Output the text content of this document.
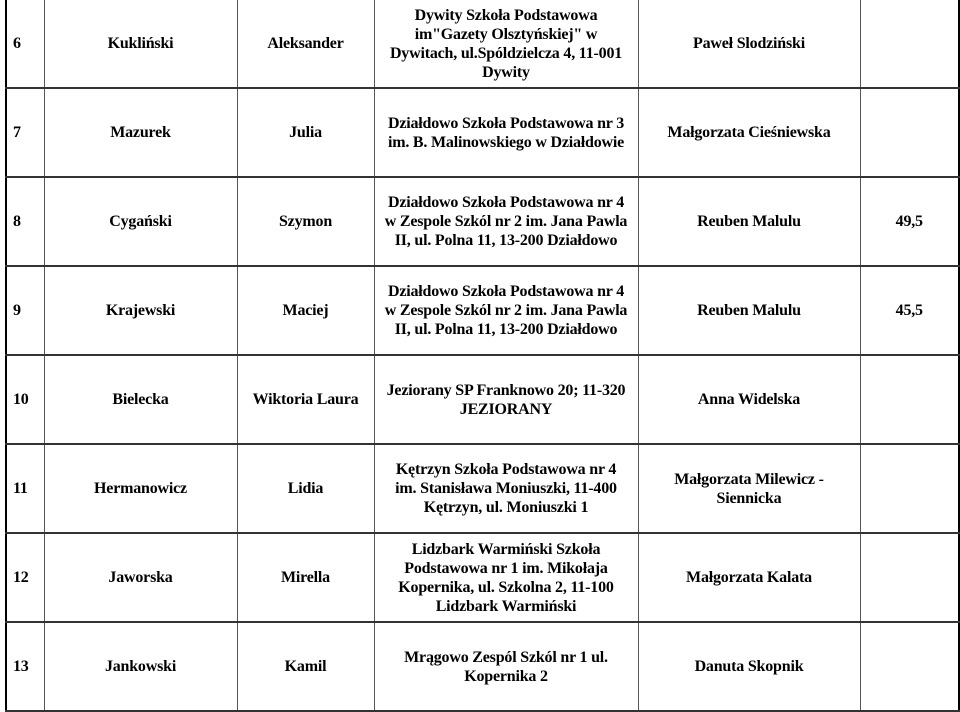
6	Kukliński	Aleksander	Dywity Szkoła Podstawowa im"Gazety Olsztyńskiej" w Dywitach, ul.Spóldzielcza 4, 11-001 Dywity	Paweł Slodziński	
7	Mazurek	Julia	Działdowo Szkoła Podstawowa nr 3 im. B. Malinowskiego w Działdowie	Małgorzata Cieśniewska	
8	Cygański	Szymon	Działdowo Szkoła Podstawowa nr 4 w Zespole Szkól nr 2 im. Jana Pawla II, ul. Polna 11, 13-200 Działdowo	Reuben Malulu	49,5
9	Krajewski	Maciej	Działdowo Szkoła Podstawowa nr 4 w Zespole Szkól nr 2 im. Jana Pawla II, ul. Polna 11, 13-200 Działdowo	Reuben Malulu	45,5
10	Bielecka	Wiktoria Laura	Jeziorany SP Franknowo 20; 11-320 JEZIORANY	Anna Widelska	
11	Hermanowicz	Lidia	Kętrzyn Szkoła Podstawowa nr 4 im. Stanisława Moniuszki, 11-400 Kętrzyn, ul. Moniuszki 1	Małgorzata Milewicz - Siennicka	
12	Jaworska	Mirella	Lidzbark Warmiński Szkoła Podstawowa nr 1 im. Mikołaja Kopernika, ul. Szkolna 2, 11-100 Lidzbark Warmiński	Małgorzata Kalata	
13	Jankowski	Kamil	Mrągowo Zespól Szkól nr 1 ul. Kopernika 2	Danuta Skopnik	
